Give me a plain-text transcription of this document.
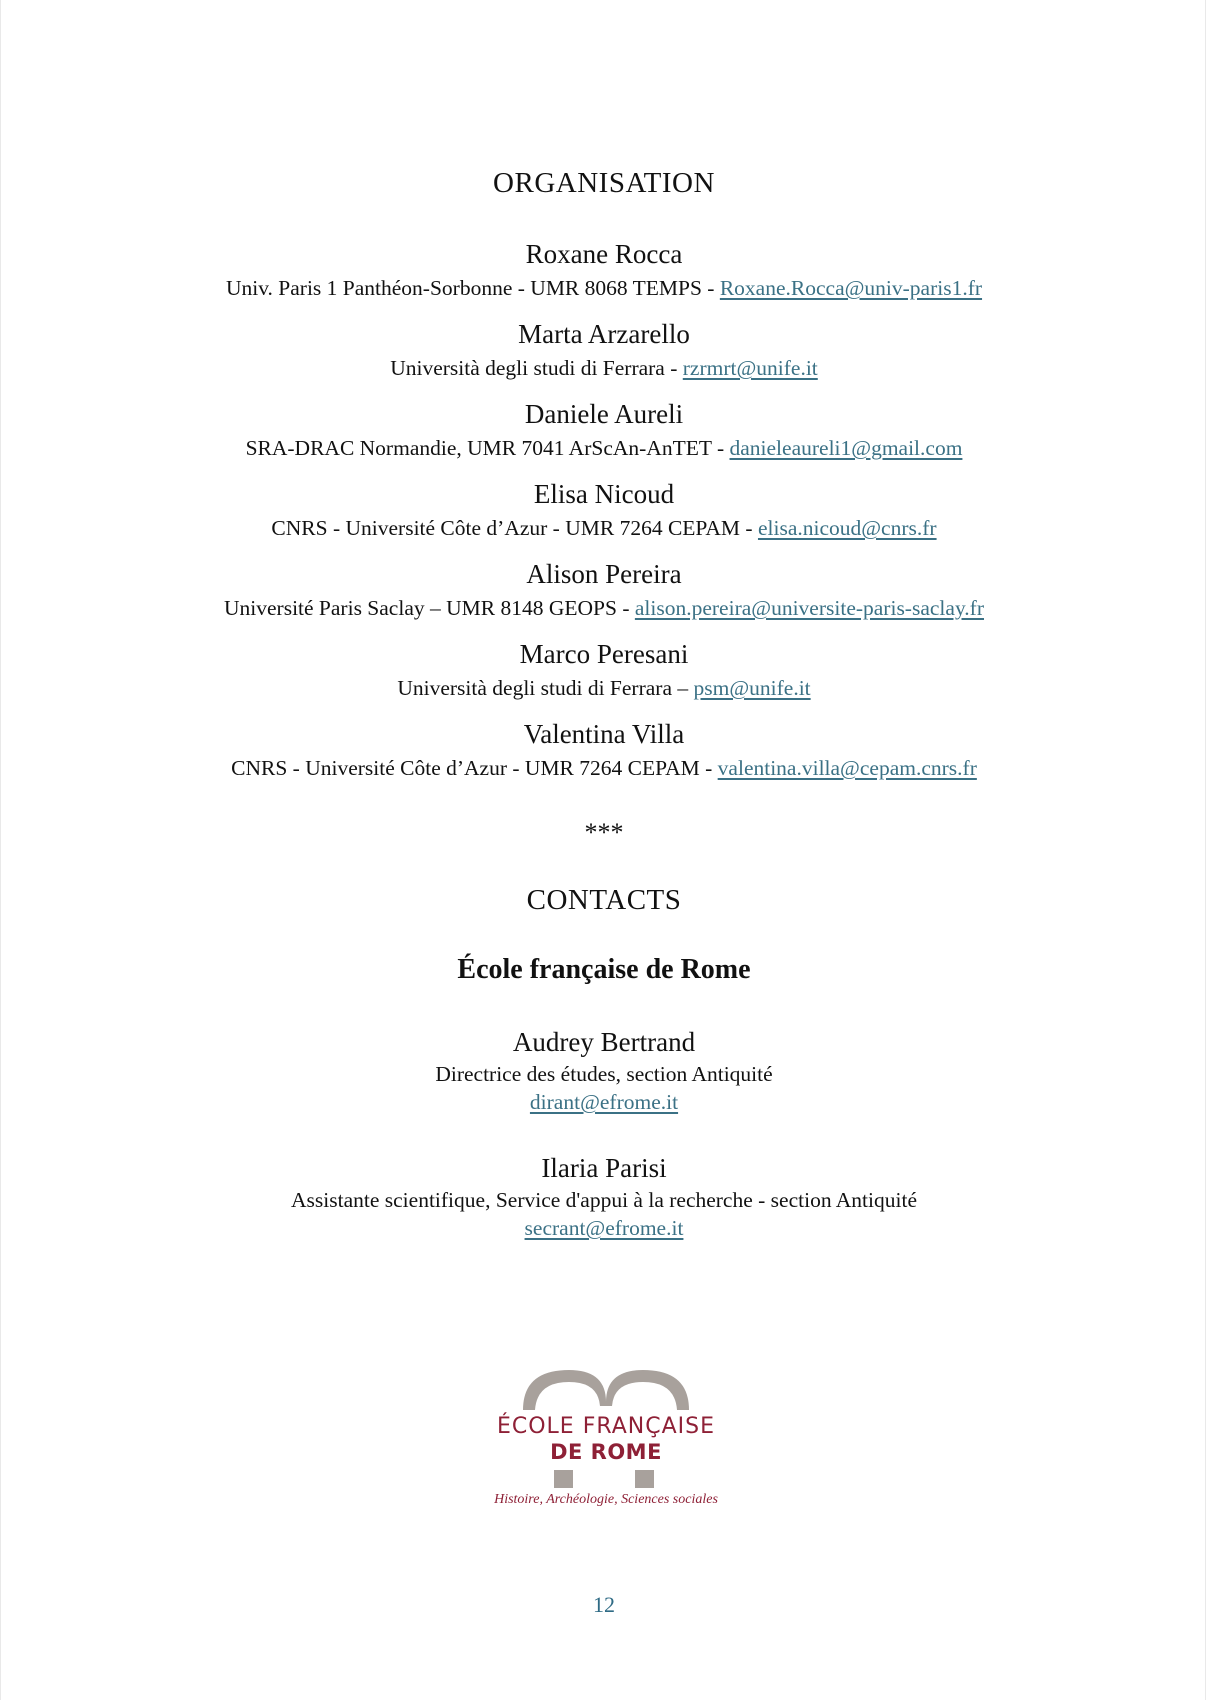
ORGANISATION
Roxane Rocca
Univ. Paris 1 Panthéon-Sorbonne - UMR 8068 TEMPS - Roxane.Rocca@univ-paris1.fr
Marta Arzarello
Università degli studi di Ferrara - rzrmrt@unife.it
Daniele Aureli
SRA-DRAC Normandie, UMR 7041 ArScAn-AnTET - danieleaureli1@gmail.com
Elisa Nicoud
CNRS - Université Côte d’Azur - UMR 7264 CEPAM - elisa.nicoud@cnrs.fr
Alison Pereira
Université Paris Saclay – UMR 8148 GEOPS - alison.pereira@universite-paris-saclay.fr
Marco Peresani
Università degli studi di Ferrara – psm@unife.it
Valentina Villa
CNRS - Université Côte d’Azur - UMR 7264 CEPAM - valentina.villa@cepam.cnrs.fr
***
CONTACTS
École française de Rome
Audrey Bertrand
Directrice des études, section Antiquité
dirant@efrome.it
Ilaria Parisi
Assistante scientifique, Service d'appui à la recherche - section Antiquité
secrant@efrome.it
ÉCOLE FRANÇAISE
DE ROME
Histoire, Archéologie, Sciences sociales
12
